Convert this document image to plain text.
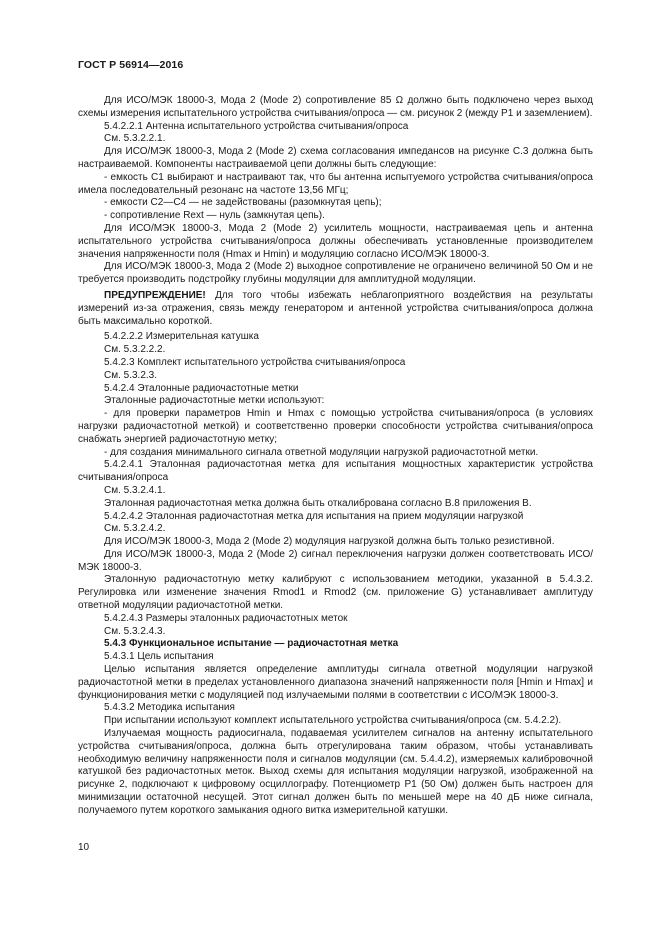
ГОСТ Р 56914—2016

Для ИСО/МЭК 18000-3, Мода 2 (Mode 2) сопротивление 85 Ω должно быть подключено через выход схемы измерения испытательного устройства считывания/опроса — см. рисунок 2 (между Р1 и заземлением).

5.4.2.2.1 Антенна испытательного устройства считывания/опроса

См. 5.3.2.2.1.

Для ИСО/МЭК 18000-3, Мода 2 (Mode 2) схема согласования импедансов на рисунке С.3 должна быть настраиваемой. Компоненты настраиваемой цепи должны быть следующие:

- емкость С1 выбирают и настраивают так, что бы антенна испытуемого устройства считывания/опроса имела последовательный резонанс на частоте 13,56 МГц;

- емкости С2—С4 — не задействованы (разомкнутая цепь);

- сопротивление Rext — нуль (замкнутая цепь).

Для ИСО/МЭК 18000-3, Мода 2 (Mode 2) усилитель мощности, настраиваемая цепь и антенна испытательного устройства считывания/опроса должны обеспечивать установленные производителем значения напряженности поля (Hmax и Hmin) и модуляцию согласно ИСО/МЭК 18000-3.

Для ИСО/МЭК 18000-3, Мода 2 (Mode 2) выходное сопротивление не ограничено величиной 50 Ом и не требуется производить подстройку глубины модуляции для амплитудной модуляции.

ПРЕДУПРЕЖДЕНИЕ! Для того чтобы избежать неблагоприятного воздействия на результаты измерений из-за отражения, связь между генератором и антенной устройства считывания/опроса должна быть максимально короткой.

5.4.2.2.2 Измерительная катушка

См. 5.3.2.2.2.

5.4.2.3 Комплект испытательного устройства считывания/опроса

См. 5.3.2.3.

5.4.2.4 Эталонные радиочастотные метки

Эталонные радиочастотные метки используют:

- для проверки параметров Hmin и Hmax с помощью устройства считывания/опроса (в условиях нагрузки радиочастотной меткой) и соответственно проверки способности устройства считывания/опроса снабжать энергией радиочастотную метку;

- для создания минимального сигнала ответной модуляции нагрузкой радиочастотной метки.

5.4.2.4.1 Эталонная радиочастотная метка для испытания мощностных характеристик устройства считывания/опроса

См. 5.3.2.4.1.

Эталонная радиочастотная метка должна быть откалибрована согласно В.8 приложения В.

5.4.2.4.2 Эталонная радиочастотная метка для испытания на прием модуляции нагрузкой

См. 5.3.2.4.2.

Для ИСО/МЭК 18000-3, Мода 2 (Mode 2) модуляция нагрузкой должна быть только резистивной.

Для ИСО/МЭК 18000-3, Мода 2 (Mode 2) сигнал переключения нагрузки должен соответствовать ИСО/МЭК 18000-3.

Эталонную радиочастотную метку калибруют с использованием методики, указанной в 5.4.3.2. Регулировка или изменение значения Rmod1 и Rmod2 (см. приложение G) устанавливает амплитуду ответной модуляции радиочастотной метки.

5.4.2.4.3 Размеры эталонных радиочастотных меток

См. 5.3.2.4.3.

5.4.3 Функциональное испытание — радиочастотная метка

5.4.3.1 Цель испытания

Целью испытания является определение амплитуды сигнала ответной модуляции нагрузкой радиочастотной метки в пределах установленного диапазона значений напряженности поля [Hmin и Hmax] и функционирования метки с модуляцией под излучаемыми полями в соответствии с ИСО/МЭК 18000-3.

5.4.3.2 Методика испытания

При испытании используют комплект испытательного устройства считывания/опроса (см. 5.4.2.2).

Излучаемая мощность радиосигнала, подаваемая усилителем сигналов на антенну испытательного устройства считывания/опроса, должна быть отрегулирована таким образом, чтобы устанавливать необходимую величину напряженности поля и сигналов модуляции (см. 5.4.4.2), измеряемых калибровочной катушкой без радиочастотных меток. Выход схемы для испытания модуляции нагрузкой, изображенной на рисунке 2, подключают к цифровому осциллографу. Потенциометр Р1 (50 Ом) должен быть настроен для минимизации остаточной несущей. Этот сигнал должен быть по меньшей мере на 40 дБ ниже сигнала, получаемого путем короткого замыкания одного витка измерительной катушки.

10
